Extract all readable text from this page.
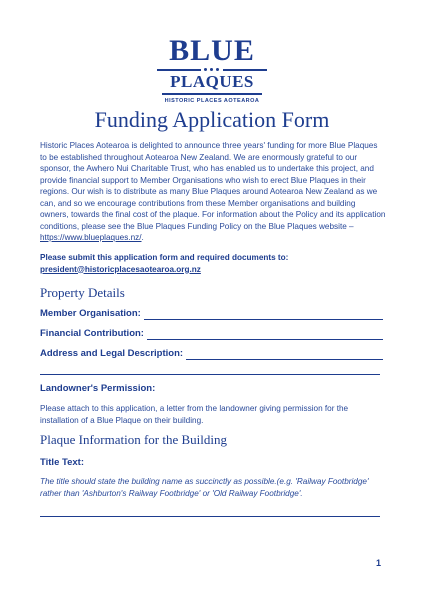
BLUE
PLAQUES
HISTORIC PLACES AOTEAROA
Funding Application Form

Historic Places Aotearoa is delighted to announce three years' funding for more Blue Plaques to be established throughout Aotearoa New Zealand. We are enormously grateful to our sponsor, the Awhero Nui Charitable Trust, who has enabled us to undertake this project, and provide financial support to Member Organisations who wish to erect Blue Plaques in their regions. Our wish is to distribute as many Blue Plaques around Aotearoa New Zealand as we can, and so we encourage contributions from these Member organisations and building owners, towards the final cost of the plaque. For information about the Policy and its application conditions, please see the Blue Plaques Funding Policy on the Blue Plaques website – https://www.blueplaques.nz/.

Please submit this application form and required documents to:
president@historicplacesaotearoa.org.nz

Property Details
Member Organisation:
Financial Contribution:
Address and Legal Description:
Landowner's Permission:

Please attach to this application, a letter from the landowner giving permission for the installation of a Blue Plaque on their building.

Plaque Information for the Building
Title Text:

The title should state the building name as succinctly as possible.(e.g. 'Railway Footbridge' rather than 'Ashburton's Railway Footbridge' or 'Old Railway Footbridge'.

1
